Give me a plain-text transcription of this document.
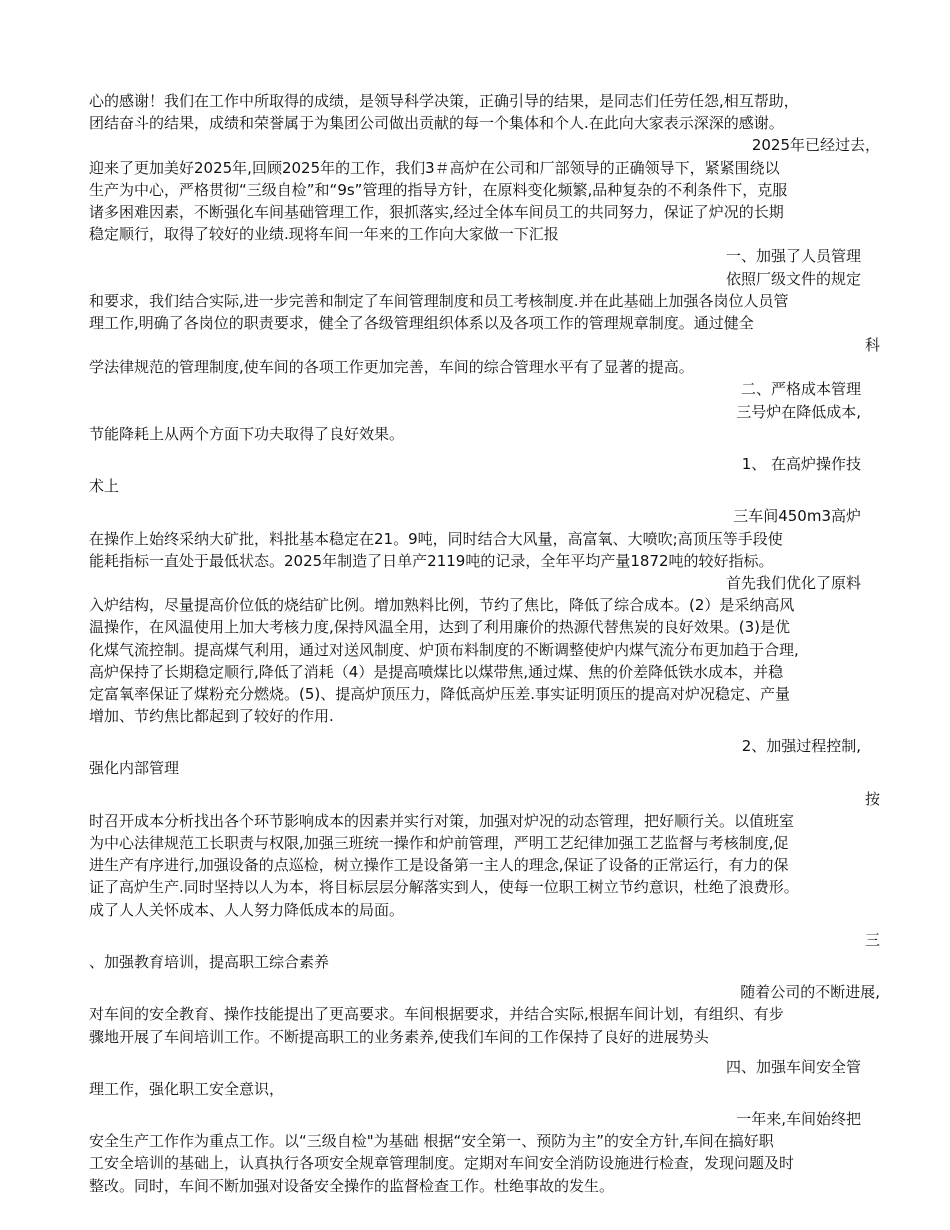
心的感谢！我们在工作中所取得的成绩，是领导科学决策，正确引导的结果，是同志们任劳任怨,相互帮助，
团结奋斗的结果，成绩和荣誉属于为集团公司做出贡献的每一个集体和个人.在此向大家表示深深的感谢。
2025年已经过去，
迎来了更加美好2025年,回顾2025年的工作，我们3＃高炉在公司和厂部领导的正确领导下，紧紧围绕以
生产为中心，严格贯彻“三级自检”和“9s”管理的指导方针，在原料变化频繁,品种复杂的不利条件下，克服
诸多困难因素，不断强化车间基础管理工作，狠抓落实,经过全体车间员工的共同努力，保证了炉况的长期
稳定顺行，取得了较好的业绩.现将车间一年来的工作向大家做一下汇报
一、加强了人员管理
依照厂级文件的规定
和要求，我们结合实际,进一步完善和制定了车间管理制度和员工考核制度.并在此基础上加强各岗位人员管
理工作,明确了各岗位的职责要求，健全了各级管理组织体系以及各项工作的管理规章制度。通过健全
科
学法律规范的管理制度,使车间的各项工作更加完善，车间的综合管理水平有了显著的提高。
二、严格成本管理
三号炉在降低成本,
节能降耗上从两个方面下功夫取得了良好效果。
1、 在高炉操作技
术上
三车间450m3高炉
在操作上始终采纳大矿批，料批基本稳定在21。9吨，同时结合大风量，高富氧、大喷吹;高顶压等手段使
能耗指标一直处于最低状态。2025年制造了日单产2119吨的记录，全年平均产量1872吨的较好指标。
首先我们优化了原料
入炉结构，尽量提高价位低的烧结矿比例。增加熟料比例，节约了焦比，降低了综合成本。(2）是采纳高风
温操作，在风温使用上加大考核力度,保持风温全用，达到了利用廉价的热源代替焦炭的良好效果。(3)是优
化煤气流控制。提高煤气利用，通过对送风制度、炉顶布料制度的不断调整使炉内煤气流分布更加趋于合理,
高炉保持了长期稳定顺行,降低了消耗（4）是提高喷煤比以煤带焦,通过煤、焦的价差降低铁水成本，并稳
定富氧率保证了煤粉充分燃烧。(5)、提高炉顶压力，降低高炉压差.事实证明顶压的提高对炉况稳定、产量
增加、节约焦比都起到了较好的作用.
2、加强过程控制,
强化内部管理
按
时召开成本分析找出各个环节影响成本的因素并实行对策，加强对炉况的动态管理，把好顺行关。以值班室
为中心法律规范工长职责与权限,加强三班统一操作和炉前管理，严明工艺纪律加强工艺监督与考核制度,促
进生产有序进行,加强设备的点巡检，树立操作工是设备第一主人的理念,保证了设备的正常运行，有力的保
证了高炉生产.同时坚持以人为本，将目标层层分解落实到人，使每一位职工树立节约意识，杜绝了浪费形。
成了人人关怀成本、人人努力降低成本的局面。
三
、加强教育培训，提高职工综合素养
随着公司的不断进展,
对车间的安全教育、操作技能提出了更高要求。车间根据要求，并结合实际,根据车间计划，有组织、有步
骤地开展了车间培训工作。不断提高职工的业务素养,使我们车间的工作保持了良好的进展势头
四、加强车间安全管
理工作，强化职工安全意识，
一年来,车间始终把
安全生产工作作为重点工作。以“三级自检"为基础 根据“安全第一、预防为主”的安全方针,车间在搞好职
工安全培训的基础上，认真执行各项安全规章管理制度。定期对车间安全消防设施进行检查，发现问题及时
整改。同时，车间不断加强对设备安全操作的监督检查工作。杜绝事故的发生。
